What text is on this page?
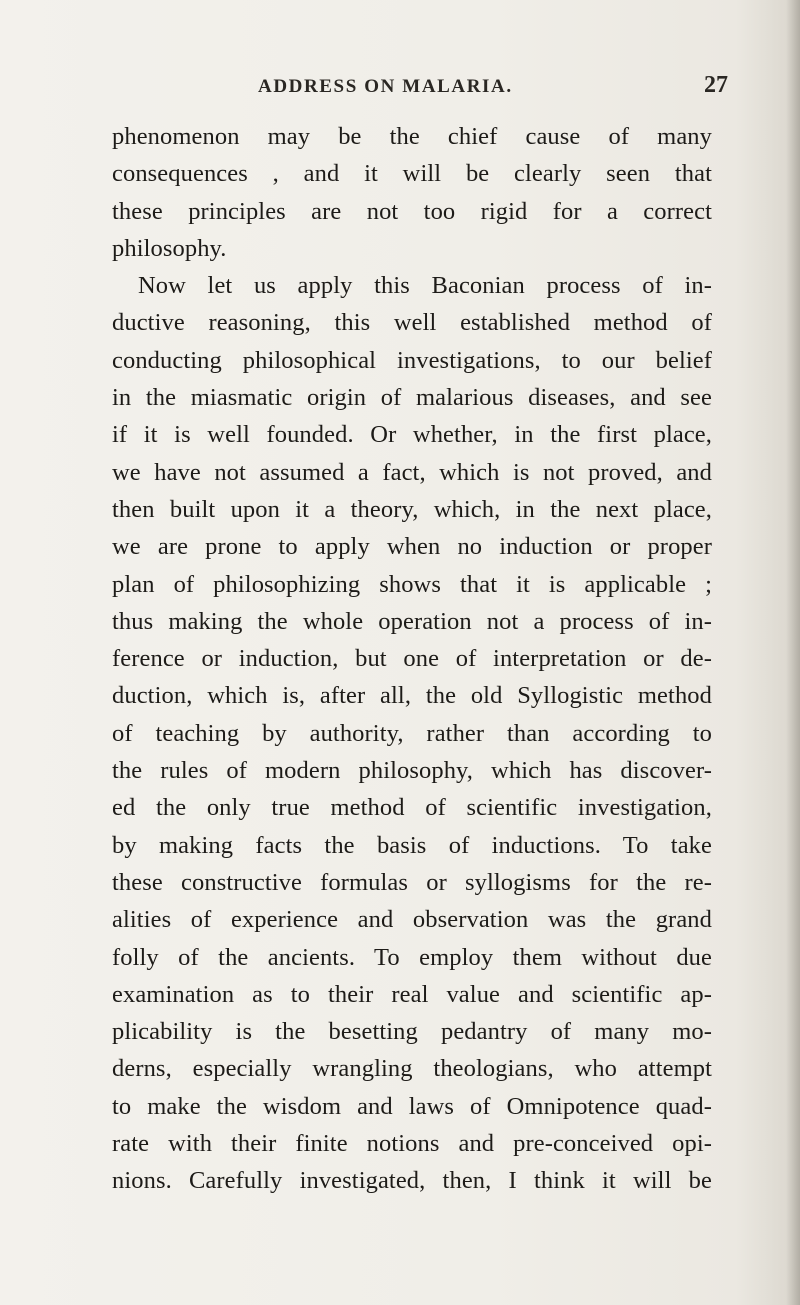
ADDRESS ON MALARIA.	27
phenomenon may be the chief cause of many
consequences , and it will be clearly seen that
these principles are not too rigid for a correct
philosophy.
Now let us apply this Baconian process of in-
ductive reasoning, this well established method of
conducting philosophical investigations, to our belief
in the miasmatic origin of malarious diseases, and see
if it is well founded. Or whether, in the first place,
we have not assumed a fact, which is not proved, and
then built upon it a theory, which, in the next place,
we are prone to apply when no induction or proper
plan of philosophizing shows that it is applicable ;
thus making the whole operation not a process of in-
ference or induction, but one of interpretation or de-
duction, which is, after all, the old Syllogistic method
of teaching by authority, rather than according to
the rules of modern philosophy, which has discover-
ed the only true method of scientific investigation,
by making facts the basis of inductions. To take
these constructive formulas or syllogisms for the re-
alities of experience and observation was the grand
folly of the ancients. To employ them without due
examination as to their real value and scientific ap-
plicability is the besetting pedantry of many mo-
derns, especially wrangling theologians, who attempt
to make the wisdom and laws of Omnipotence quad-
rate with their finite notions and pre-conceived opi-
nions. Carefully investigated, then, I think it will be
